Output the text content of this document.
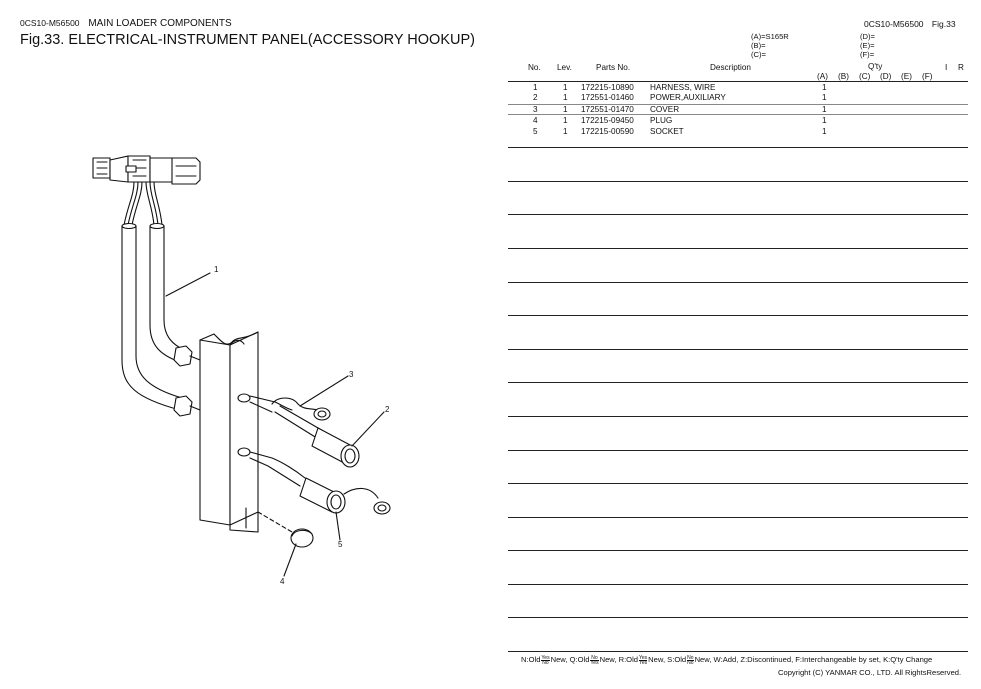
0CS10-M56500 MAIN LOADER COMPONENTS
Fig.33. ELECTRICAL-INSTRUMENT PANEL(ACCESSORY HOOKUP)
0CS10-M56500 Fig.33
(A)=S165R
(B)=
(C)=
(D)=
(E)=
(F)=
No. Lev.	Parts No.	Description	Q'ty	I R
(A) (B) (C) (D) (E) (F)
1	1 172215-10890 HARNESS, WIRE	1
2	1 172551-01460 POWER,AUXILIARY	1
3	1 172551-01470 COVER	1
4	1 172215-09450 PLUG	1
5	1 172215-00590 SOCKET	1
1
2
3
4
5
N:Old Yes
No New, Q:Old No
Yes New, R:Old Yes
Yes New, S:Old $\frac{No}{No}$ New, W:Add, Z:Discontinued, F:Interchangeable by set, K:Q'ty Change
Copyright (C) YANMAR CO., LTD. All RightsReserved.
